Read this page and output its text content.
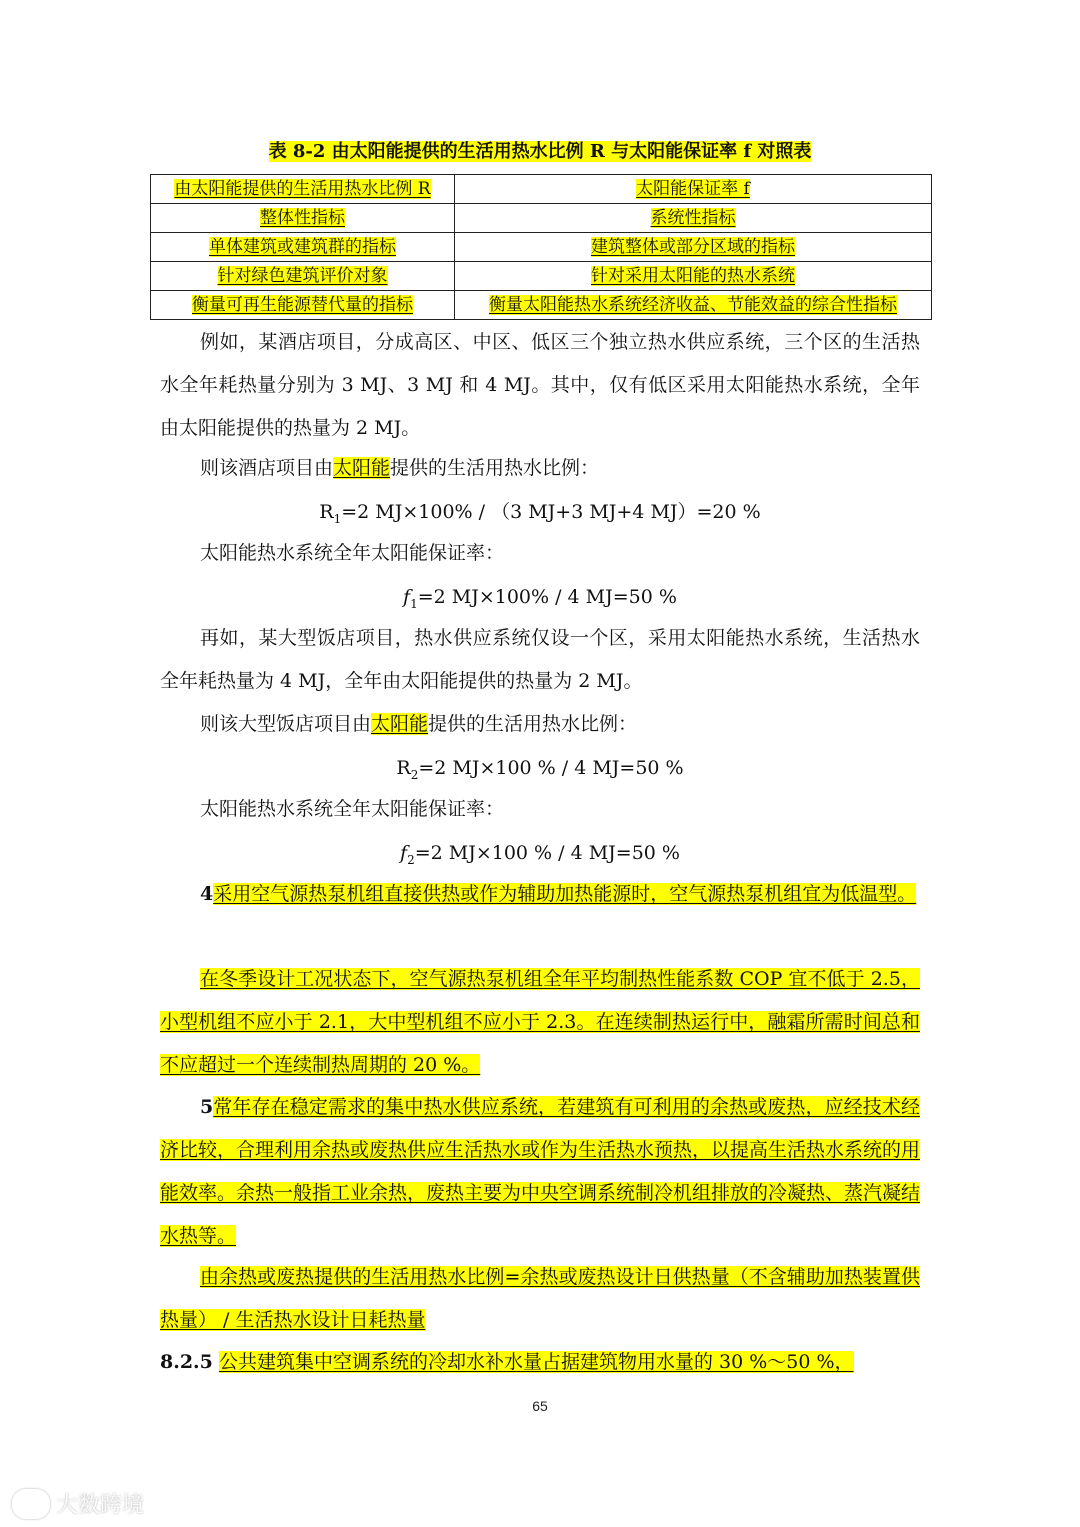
表 8-2 由太阳能提供的生活用热水比例 R 与太阳能保证率 f 对照表
由太阳能提供的生活用热水比例 R	太阳能保证率 f
整体性指标	系统性指标
单体建筑或建筑群的指标	建筑整体或部分区域的指标
针对绿色建筑评价对象	针对采用太阳能的热水系统
衡量可再生能源替代量的指标	衡量太阳能热水系统经济收益、节能效益的综合性指标
例如，某酒店项目，分成高区、中区、低区三个独立热水供应系统，三个区的生活热水全年耗热量分别为 3 MJ、3 MJ 和 4 MJ。其中，仅有低区采用太阳能热水系统，全年由太阳能提供的热量为 2 MJ。
则该酒店项目由太阳能提供的生活用热水比例：
$R_1=2$ MJ×100% / （3 MJ+3 MJ+4 MJ）=20 %
太阳能热水系统全年太阳能保证率：
$f_1=2$ MJ×100% / 4 MJ=50 %
再如，某大型饭店项目，热水供应系统仅设一个区，采用太阳能热水系统，生活热水全年耗热量为 4 MJ，全年由太阳能提供的热量为 2 MJ。
则该大型饭店项目由太阳能提供的生活用热水比例：
$R_2=2$ MJ×100 % / 4 MJ=50 %
太阳能热水系统全年太阳能保证率：
$f_2=2$ MJ×100 % / 4 MJ=50 %
4采用空气源热泵机组直接供热或作为辅助加热能源时，空气源热泵机组宜为低温型。
在冬季设计工况状态下，空气源热泵机组全年平均制热性能系数 COP 宜不低于 2.5，小型机组不应小于 2.1，大中型机组不应小于 2.3。在连续制热运行中，融霜所需时间总和不应超过一个连续制热周期的 20 %。
5常年存在稳定需求的集中热水供应系统，若建筑有可利用的余热或废热，应经技术经济比较，合理利用余热或废热供应生活热水或作为生活热水预热，以提高生活热水系统的用能效率。余热一般指工业余热，废热主要为中央空调系统制冷机组排放的冷凝热、蒸汽凝结水热等。
由余热或废热提供的生活用热水比例=余热或废热设计日供热量（不含辅助加热装置供热量） / 生活热水设计日耗热量
8.2.5 公共建筑集中空调系统的冷却水补水量占据建筑物用水量的 30 %～50 %，
65
大数跨境
